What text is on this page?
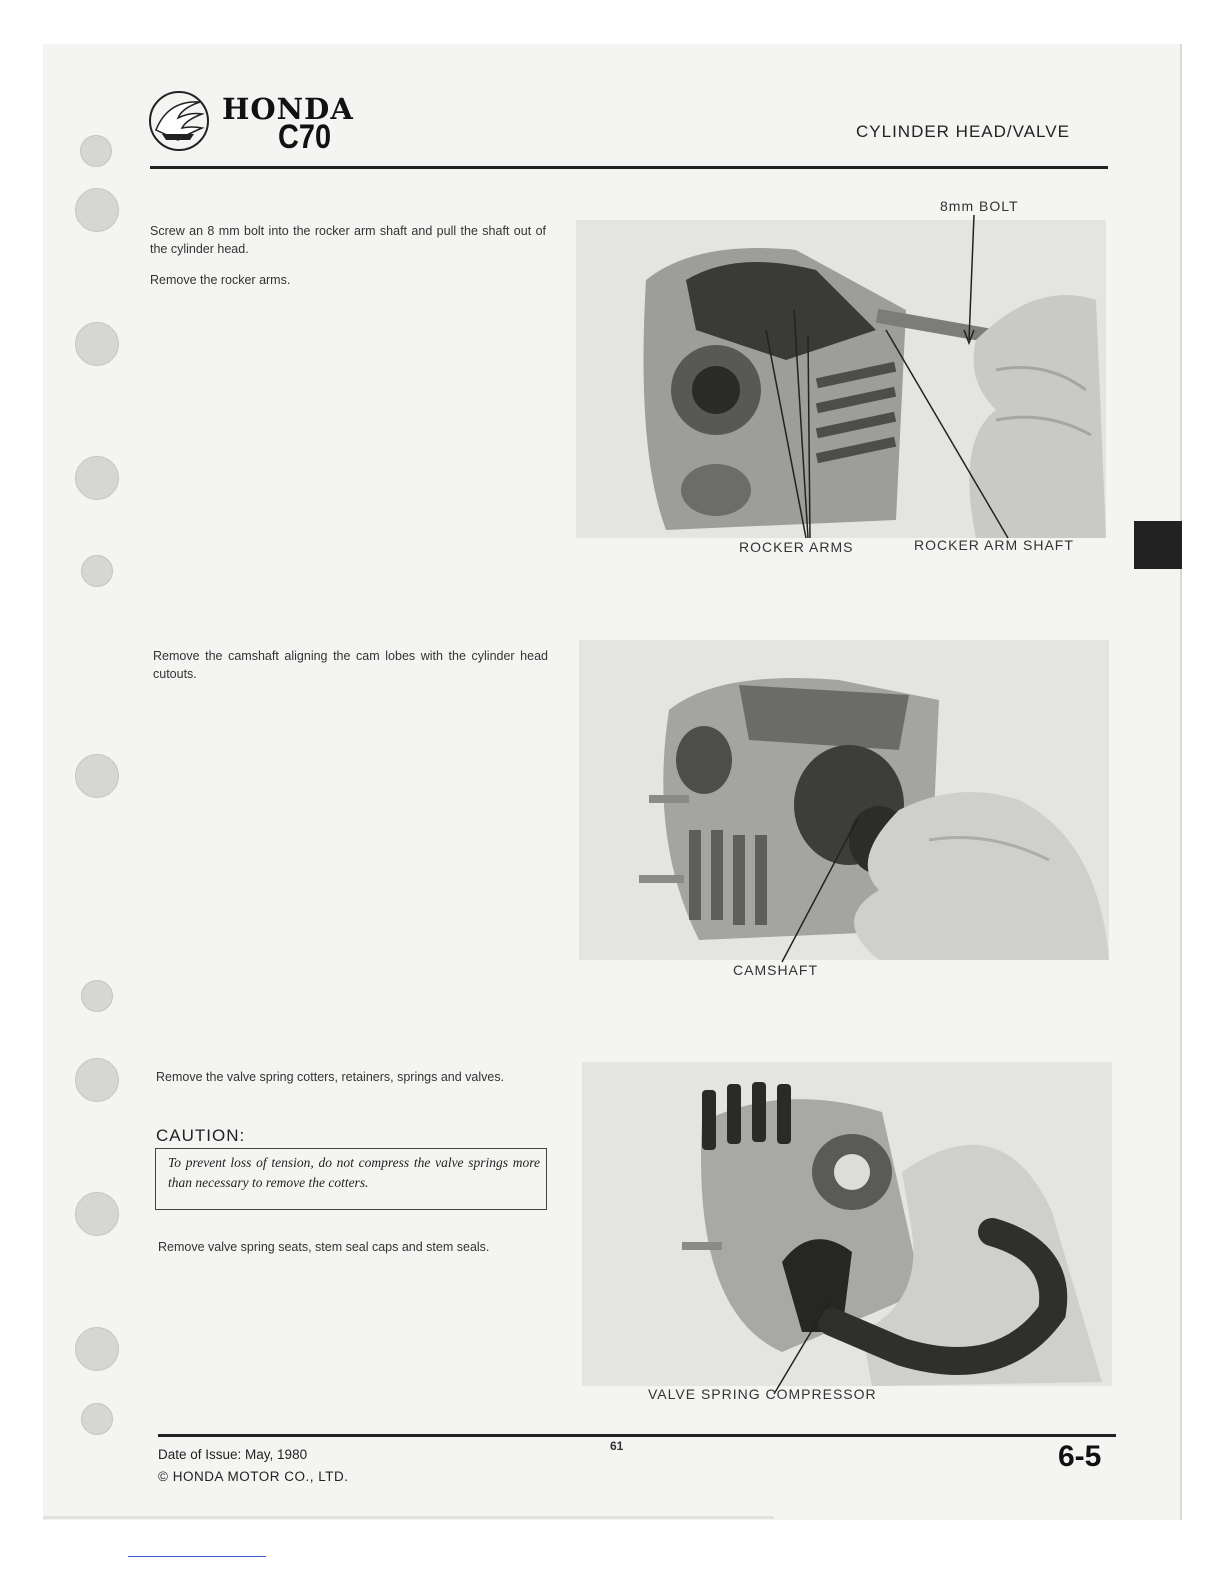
HONDA
C70	CYLINDER HEAD/VALVE

Screw an 8 mm bolt into the rocker arm shaft and pull the shaft out of the cylinder head.

Remove the rocker arms.

8mm BOLT
ROCKER ARMS	ROCKER ARM SHAFT

Remove the camshaft aligning the cam lobes with the cylinder head cutouts.

CAMSHAFT

Remove the valve spring cotters, retainers, springs and valves.

CAUTION:
To prevent loss of tension, do not compress the valve springs more than necessary to remove the cotters.

Remove valve spring seats, stem seal caps and stem seals.

VALVE SPRING COMPRESSOR
Date of Issue: May, 1980
© HONDA MOTOR CO., LTD.
61	6-5
